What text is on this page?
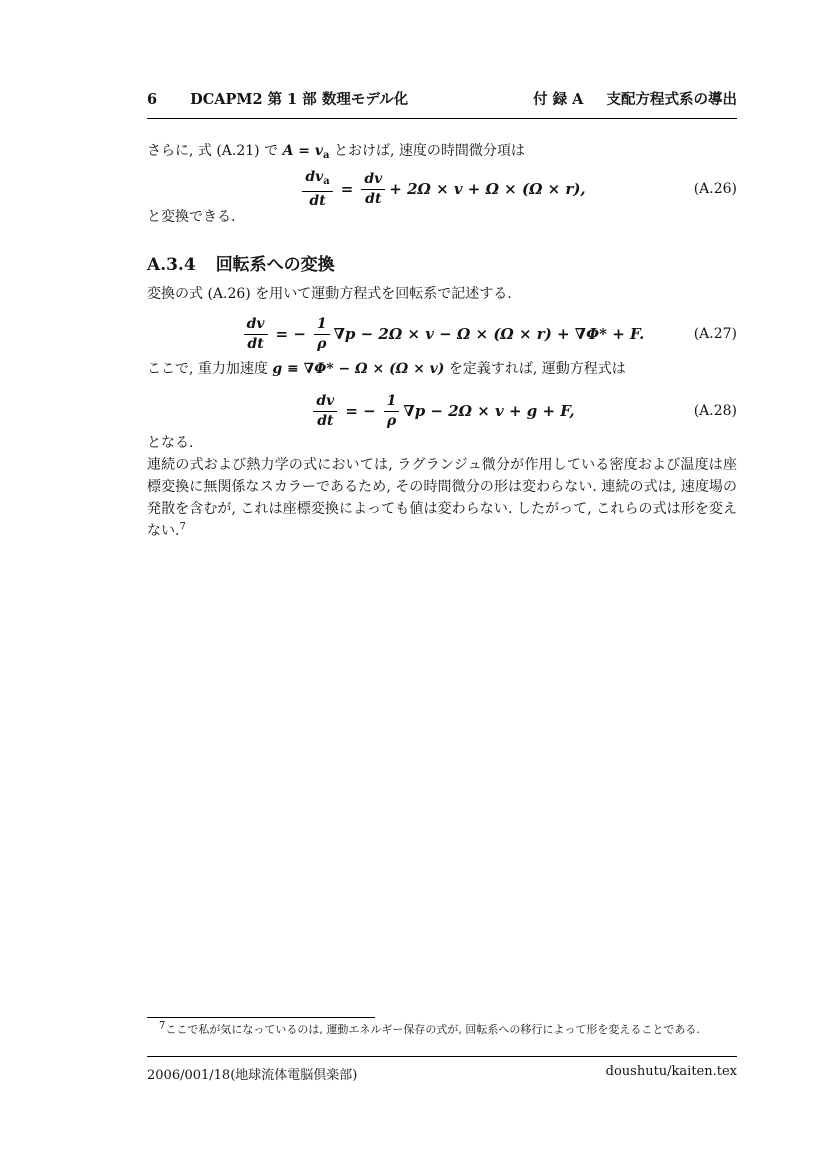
6 DCAPM2 第 1 部 数理モデル化	付 録 A 支配方程式系の導出

さらに, 式 (A.21) で $A = v_a$ とおけば, 速度の時間微分項は

$\frac{dv_a}{dt} = \frac{dv}{dt} + 2\Omega \times v + \Omega \times (\Omega \times r)$,	(A.26)

と変換できる.

A.3.4 回転系への変換

変換の式 (A.26) を用いて運動方程式を回転系で記述する.

$\frac{dv}{dt}$ = − $\frac{1}{\rho} \nabla p - 2\Omega \times v - \Omega \times (\Omega \times r) + \nabla\Phi* + F$.	(A.27)

ここで, 重力加速度 g ≡ ∇Φ* − Ω × (Ω × v) を定義すれば, 運動方程式は

$\frac{dv}{dt}$ = − $\frac{1}{\rho} \nabla p - 2\Omega \times v + g + F$,	(A.28)

となる.

連続の式および熱力学の式においては, ラグランジュ微分が作用している密度および温度は座標変換に無関係なスカラーであるため, その時間微分の形は変わらない. 連続の式は, 速度場の発散を含むが, これは座標変換によっても値は変わらない. したがって, これらの式は形を変えない.$^7$

7ここで私が気になっているのは, 運動エネルギー保存の式が, 回転系への移行によって形を変えることである.

2006/001/18(地球流体電脳倶楽部)	doushutu/kaiten.tex
